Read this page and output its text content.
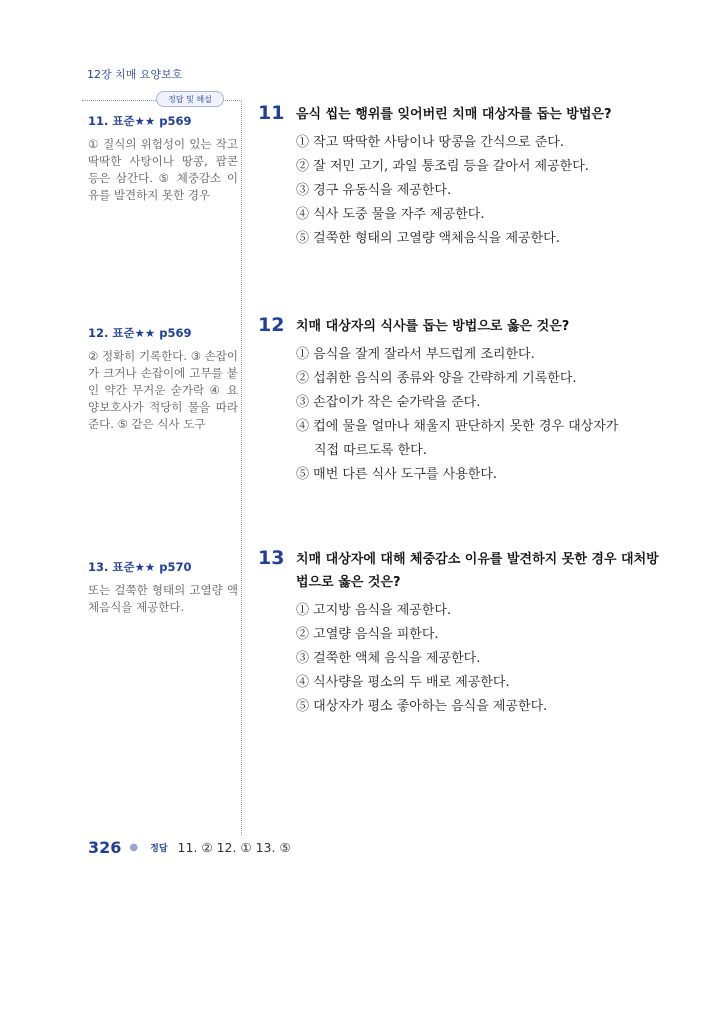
12장 치매 요양보호
정답 및 해설
11. 표준★★ p569
① 질식의 위험성이 있는 작고 딱딱한 사탕이나 땅콩, 팝콘 등은 삼간다. ⑤ 체중감소 이유를 발견하지 못한 경우
12. 표준★★ p569
② 정확히 기록한다. ③ 손잡이가 크거나 손잡이에 고무를 붙인 약간 무거운 숟가락 ④ 요양보호사가 적당히 물을 따라 준다. ⑤ 같은 식사 도구
13. 표준★★ p570
또는 걸쭉한 형태의 고열량 액체음식을 제공한다.
11 음식 씹는 행위를 잊어버린 치매 대상자를 돕는 방법은?
① 작고 딱딱한 사탕이나 땅콩을 간식으로 준다.
② 잘 저민 고기, 과일 통조림 등을 갈아서 제공한다.
③ 경구 유동식을 제공한다.
④ 식사 도중 물을 자주 제공한다.
⑤ 걸쭉한 형태의 고열량 액체음식을 제공한다.
12 치매 대상자의 식사를 돕는 방법으로 옳은 것은?
① 음식을 잘게 잘라서 부드럽게 조리한다.
② 섭취한 음식의 종류와 양을 간략하게 기록한다.
③ 손잡이가 작은 숟가락을 준다.
④ 컵에 물을 얼마나 채울지 판단하지 못한 경우 대상자가
직접 따르도록 한다.
⑤ 매번 다른 식사 도구를 사용한다.
13 치매 대상자에 대해 체중감소 이유를 발견하지 못한 경우 대처방법으로 옳은 것은?
① 고지방 음식을 제공한다.
② 고열량 음식을 피한다.
③ 걸쭉한 액체 음식을 제공한다.
④ 식사량을 평소의 두 배로 제공한다.
⑤ 대상자가 평소 좋아하는 음식을 제공한다.
326 ● 정답 11. ② 12. ① 13. ⑤
